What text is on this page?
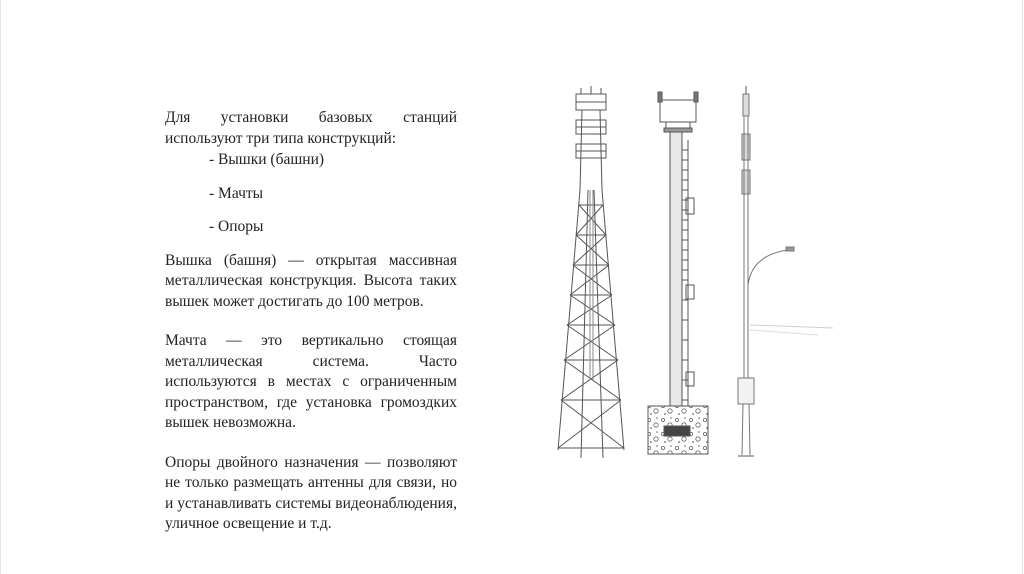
Для установки базовых станций используют три типа конструкций:

- Вышки (башни)

- Мачты

- Опоры

Вышка (башня) — открытая массивная металлическая конструкция. Высота таких вышек может достигать до 100 метров.

Мачта — это вертикально стоящая металлическая система. Часто используются в местах с ограниченным пространством, где установка громоздких вышек невозможна.

Опоры двойного назначения — позволяют не только размещать антенны для связи, но и устанавливать системы видеонаблюдения, уличное освещение и т.д.
